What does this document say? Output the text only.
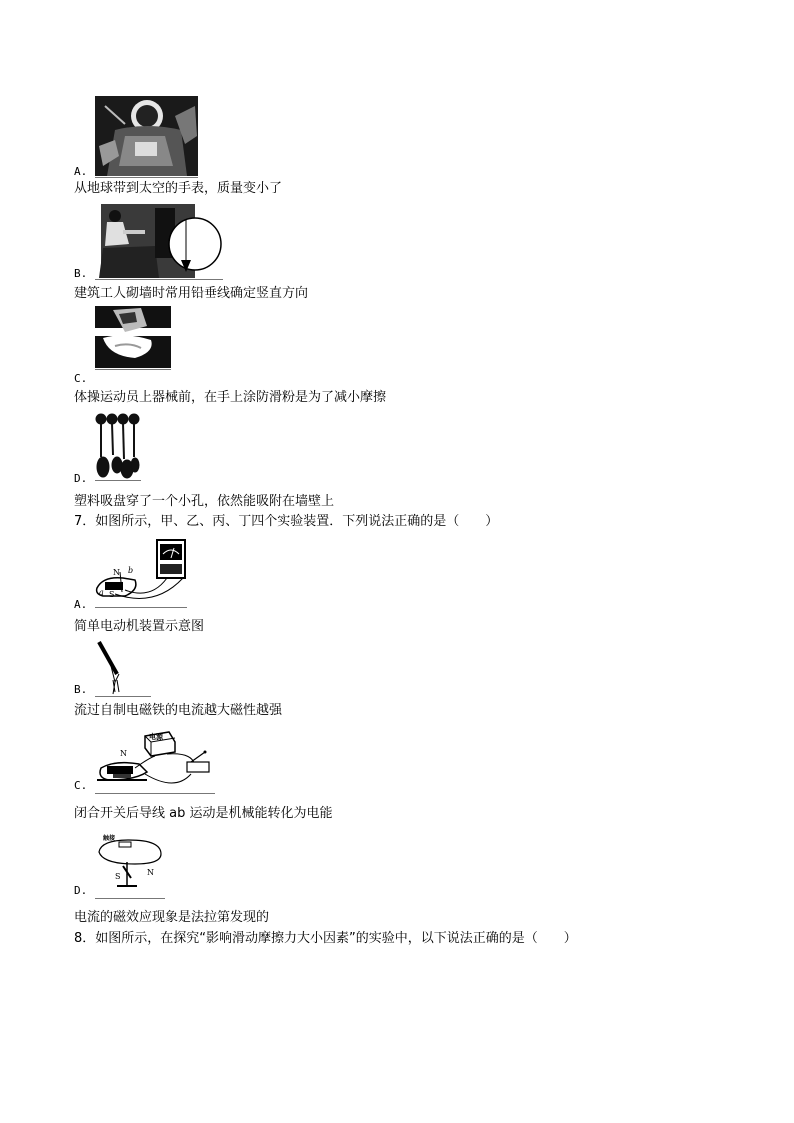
A.
从地球带到太空的手表，质量变小了
B.
建筑工人砌墙时常用铅垂线确定竖直方向
C.
体操运动员上器械前，在手上涂防滑粉是为了减小摩擦
D.
塑料吸盘穿了一个小孔，依然能吸附在墙壁上
7．如图所示，甲、乙、丙、丁四个实验装置．下列说法正确的是（　　）
N b
a S
A.
简单电动机装置示意图
B.
流过自制电磁铁的电流越大磁性越强
N
电源
C.
闭合开关后导线 ab 运动是机械能转化为电能
触接
S	N
D.
电流的磁效应现象是法拉第发现的
8．如图所示，在探究“影响滑动摩擦力大小因素”的实验中，以下说法正确的是（　　）
